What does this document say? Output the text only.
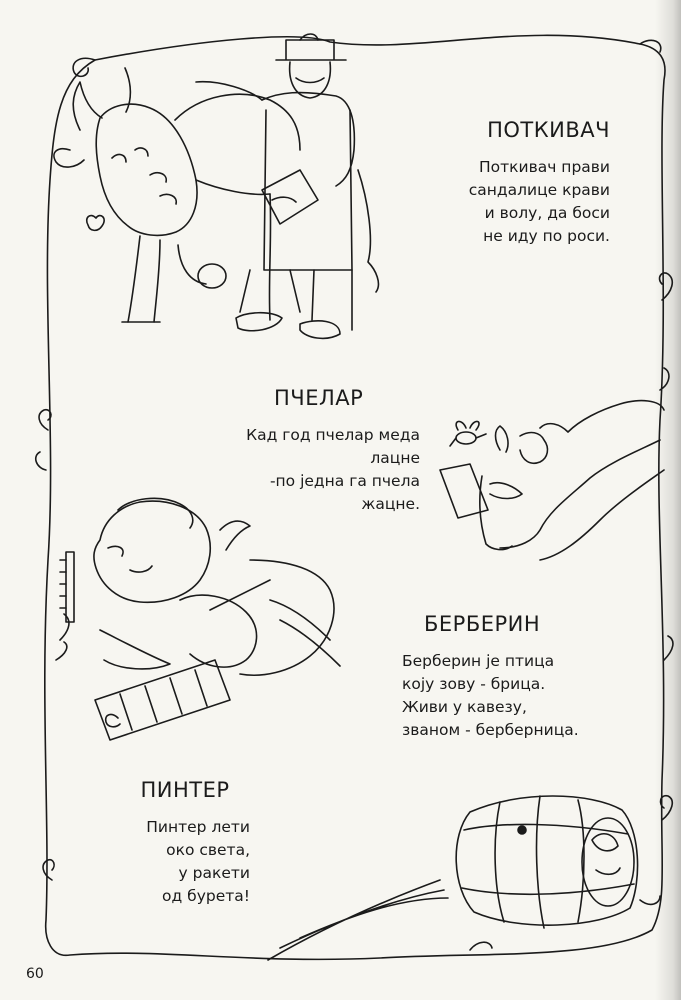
ПОТКИВАЧ
Поткивач прави
сандалице крави
и волу, да боси
не иду по роси.
ПЧЕЛАР
Кад год пчелар меда
лацне
-по једна га пчела
жацне.
БЕРБЕРИН
Берберин је птица
коју зову - брица.
Живи у кавезу,
званом - берберница.
ПИНТЕР
Пинтер лети
око света,
у ракети
од бурета!
60
